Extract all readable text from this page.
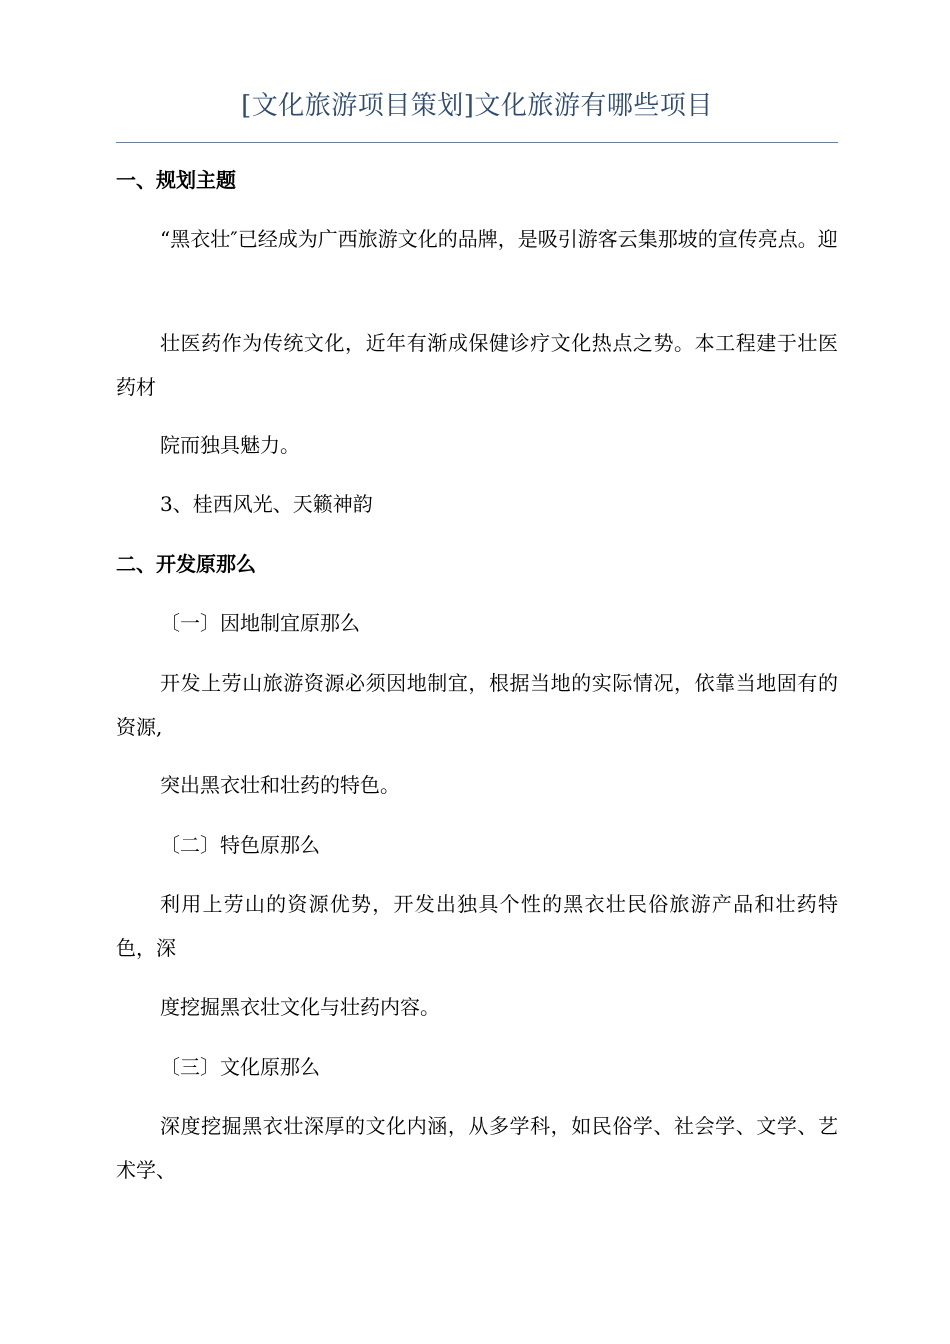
[文化旅游项目策划]文化旅游有哪些项目
一、规划主题
“黑衣壮″已经成为广西旅游文化的品牌，是吸引游客云集那坡的宣传亮点。迎
壮医药作为传统文化，近年有渐成保健诊疗文化热点之势。本工程建于壮医药材
院而独具魅力。
3、桂西风光、天籁神韵
二、开发原那么
〔一〕因地制宜原那么
开发上劳山旅游资源必须因地制宜，根据当地的实际情况，依靠当地固有的资源,
突出黑衣壮和壮药的特色。
〔二〕特色原那么
利用上劳山的资源优势，开发出独具个性的黑衣壮民俗旅游产品和壮药特色，深
度挖掘黑衣壮文化与壮药内容。
〔三〕文化原那么
深度挖掘黑衣壮深厚的文化内涵，从多学科，如民俗学、社会学、文学、艺术学、
